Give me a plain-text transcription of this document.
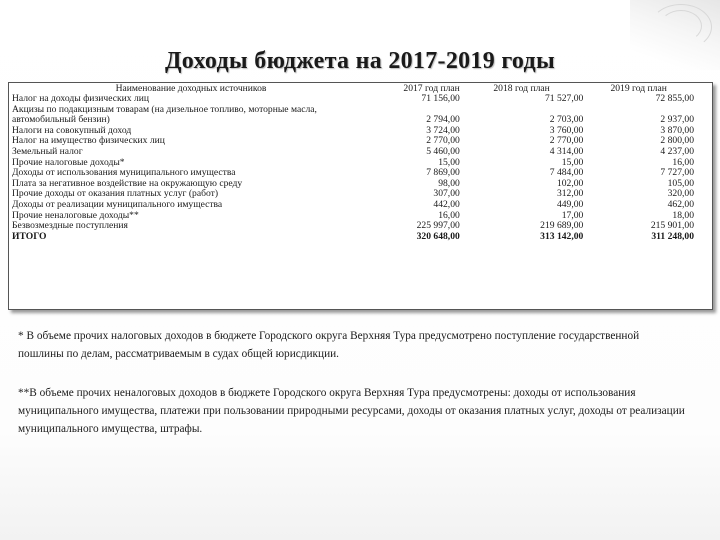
Доходы бюджета на 2017-2019 годы
Наименование доходных источников	2017 год план	2018 год план	2019 год план
Налог на доходы физических лиц	71 156,00	71 527,00	72 855,00
Акцизы по подакцизным товарам (на дизельное топливо, моторные масла, автомобильный бензин)	2 794,00	2 703,00	2 937,00
Налоги на совокупный доход	3 724,00	3 760,00	3 870,00
Налог на имущество физических лиц	2 770,00	2 770,00	2 800,00
Земельный налог	5 460,00	4 314,00	4 237,00
Прочие налоговые доходы*	15,00	15,00	16,00
Доходы от использования муниципального имущества	7 869,00	7 484,00	7 727,00
Плата за негативное воздействие на окружающую среду	98,00	102,00	105,00
Прочие доходы от оказания платных услуг (работ)	307,00	312,00	320,00
Доходы от реализации муниципального имущества	442,00	449,00	462,00
Прочие неналоговые доходы**	16,00	17,00	18,00
Безвозмездные поступления	225 997,00	219 689,00	215 901,00
ИТОГО	320 648,00	313 142,00	311 248,00
* В объеме прочих налоговых доходов в бюджете Городского округа Верхняя Тура предусмотрено поступление государственной пошлины по делам, рассматриваемым в судах общей юрисдикции.
**В объеме прочих неналоговых доходов в бюджете Городского округа Верхняя Тура предусмотрены: доходы от использования муниципального имущества, платежи при пользовании природными ресурсами, доходы от оказания платных услуг, доходы от реализации муниципального имущества, штрафы.
